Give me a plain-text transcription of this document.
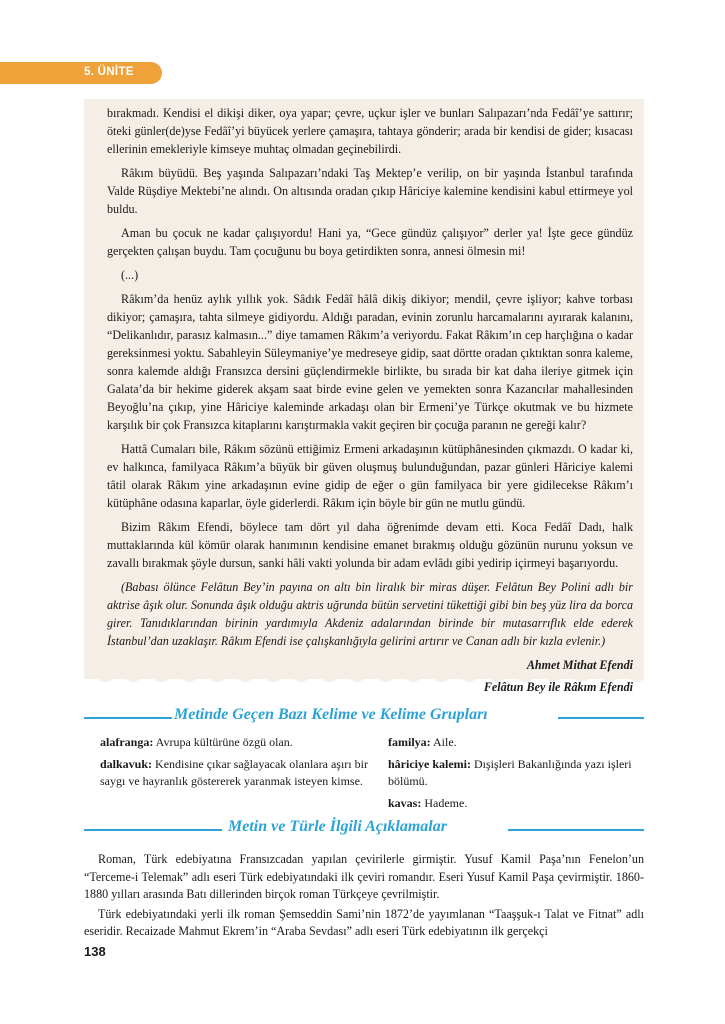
5. ÜNİTE

bırakmadı. Kendisi el dikişi diker, oya yapar; çevre, uçkur işler ve bunları Salıpazarı’nda Fedâî’ye sattırır; öteki günler(de)yse Fedâî’yi büyücek yerlere çamaşıra, tahtaya gönderir; arada bir kendisi de gider; kısacası ellerinin emekleriyle kimseye muhtaç olmadan geçinebilirdi.

Râkım büyüdü. Beş yaşında Salıpazarı’ndaki Taş Mektep’e verilip, on bir yaşında İstanbul tarafında Valde Rüşdiye Mektebi’ne alındı. On altısında oradan çıkıp Hâriciye kalemine kendisini kabul ettirmeye yol buldu.

Aman bu çocuk ne kadar çalışıyordu! Hani ya, “Gece gündüz çalışıyor” derler ya! İşte gece gündüz gerçekten çalışan buydu. Tam çocuğunu bu boya getirdikten sonra, annesi ölmesin mi!

(...)

Râkım’da henüz aylık yıllık yok. Sâdık Fedâî hâlâ dikiş dikiyor; mendil, çevre işliyor; kahve torbası dikiyor; çamaşıra, tahta silmeye gidiyordu. Aldığı paradan, evinin zorunlu harcamalarını ayırarak kalanını, “Delikanlıdır, parasız kalmasın...” diye tamamen Râkım’a veriyordu. Fakat Râkım’ın cep harçlığına o kadar gereksinmesi yoktu. Sabahleyin Süleymaniye’ye medreseye gidip, saat dörtte oradan çıktıktan sonra kaleme, sonra kalemde aldığı Fransızca dersini güçlendirmekle birlikte, bu sırada bir kat daha ileriye gitmek için Galata’da bir hekime giderek akşam saat birde evine gelen ve yemekten sonra Kazancılar mahallesinden Beyoğlu’na çıkıp, yine Hâriciye kaleminde arkadaşı olan bir Ermeni’ye Türkçe okutmak ve bu hizmete karşılık bir çok Fransızca kitaplarını karıştırmakla vakit geçiren bir çocuğa paranın ne gereği kalır?

Hattâ Cumaları bile, Râkım sözünü ettiğimiz Ermeni arkadaşının kütüphânesinden çıkmazdı. O kadar ki, ev halkınca, familyaca Râkım’a büyük bir güven oluşmuş bulunduğundan, pazar günleri Hâriciye kalemi tâtil olarak Râkım yine arkadaşının evine gidip de eğer o gün familyaca bir yere gidilecekse Râkım’ı kütüphâne odasına kaparlar, öyle giderlerdi. Râkım için böyle bir gün ne mutlu gündü.

Bizim Râkım Efendi, böylece tam dört yıl daha öğrenimde devam etti. Koca Fedâî Dadı, halk muttaklarında kül kömür olarak hanımının kendisine emanet bırakmış olduğu gözünün nurunu yoksun ve zavallı bırakmak şöyle dursun, sanki hâli vakti yolunda bir adam evlâdı gibi yedirip içirmeyi başarıyordu.

(Babası ölünce Felâtun Bey’in payına on altı bin liralık bir miras düşer. Felâtun Bey Polini adlı bir aktrise âşık olur. Sonunda âşık olduğu aktris uğrunda bütün servetini tükettiği gibi bin beş yüz lira da borca girer. Tanıdıklarından birinin yardımıyla Akdeniz adalarından birinde bir mutasarrıflık elde ederek İstanbul’dan uzaklaşır. Râkım Efendi ise çalışkanlığıyla gelirini artırır ve Canan adlı bir kızla evlenir.)

Ahmet Mithat Efendi

Felâtun Bey ile Râkım Efendi

Metinde Geçen Bazı Kelime ve Kelime Grupları
alafranga: Avrupa kültürüne özgü olan.
dalkavuk: Kendisine çıkar sağlayacak olanlara aşırı bir saygı ve hayranlık göstererek yaranmak isteyen kimse.
familya: Aile.
hâriciye kalemi: Dışişleri Bakanlığında yazı işleri bölümü.
kavas: Hademe.
Metin ve Türle İlgili Açıklamalar

Roman, Türk edebiyatına Fransızcadan yapılan çevirilerle girmiştir. Yusuf Kamil Paşa’nın Fenelon’un “Terceme-i Telemak” adlı eseri Türk edebiyatındaki ilk çeviri romandır. Eseri Yusuf Kamil Paşa çevirmiştir. 1860-1880 yılları arasında Batı dillerinden birçok roman Türkçeye çevrilmiştir.

Türk edebiyatındaki yerli ilk roman Şemseddin Sami’nin 1872’de yayımlanan “Taaşşuk-ı Talat ve Fitnat” adlı eseridir. Recaizade Mahmut Ekrem’in “Araba Sevdası” adlı eseri Türk edebiyatının ilk gerçekçi

138
